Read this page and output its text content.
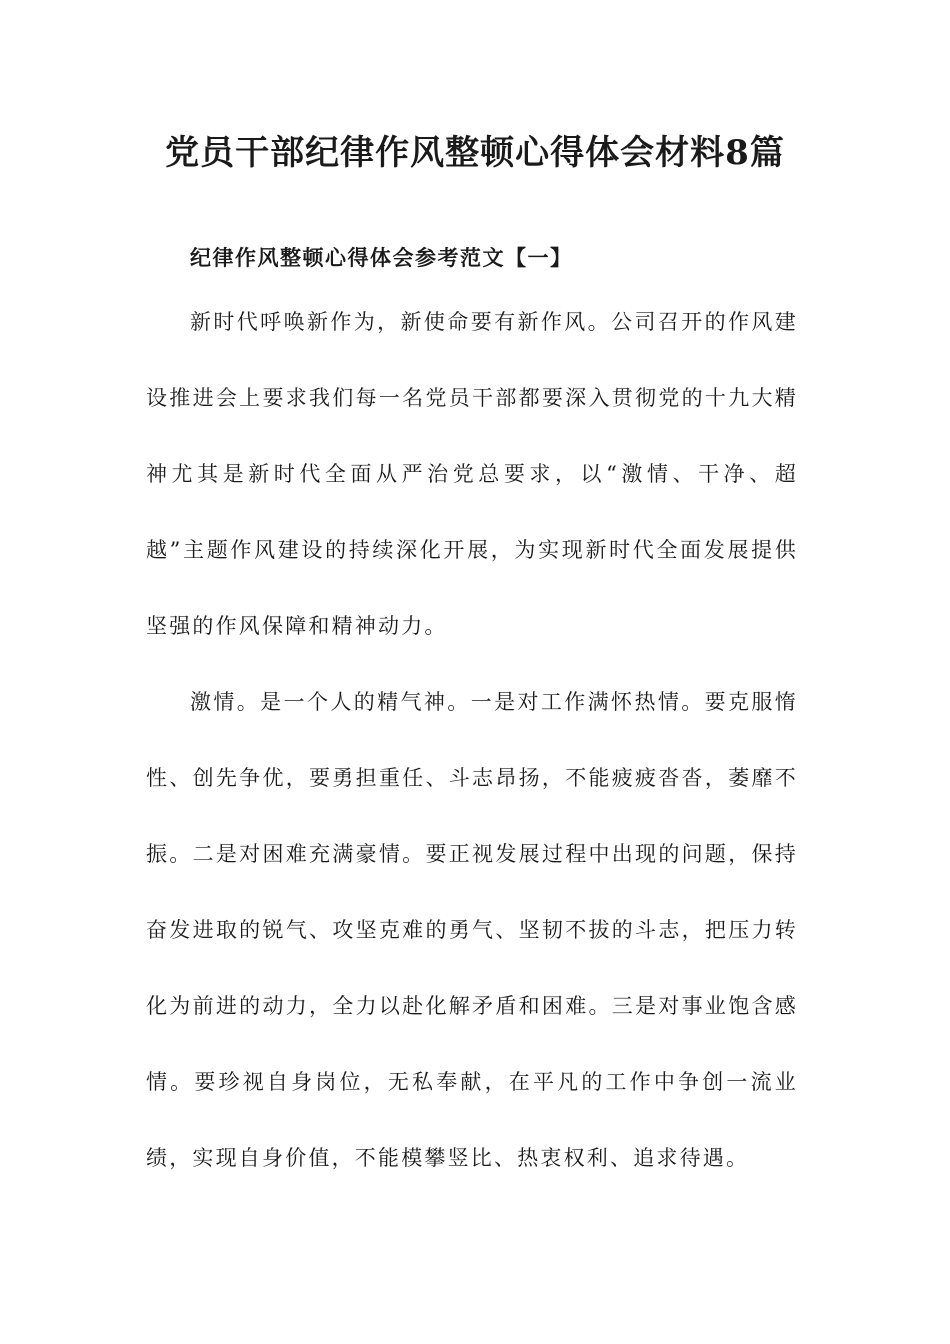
党员干部纪律作风整顿心得体会材料8篇
纪律作风整顿心得体会参考范文【一】

新时代呼唤新作为，新使命要有新作风。公司召开的作风建设推进会上要求我们每一名党员干部都要深入贯彻党的十九大精神尤其是新时代全面从严治党总要求，以“激情、干净、超越”主题作风建设的持续深化开展，为实现新时代全面发展提供坚强的作风保障和精神动力。

激情。是一个人的精气神。一是对工作满怀热情。要克服惰性、创先争优，要勇担重任、斗志昂扬，不能疲疲沓沓，萎靡不振。二是对困难充满豪情。要正视发展过程中出现的问题，保持奋发进取的锐气、攻坚克难的勇气、坚韧不拔的斗志，把压力转化为前进的动力，全力以赴化解矛盾和困难。三是对事业饱含感情。要珍视自身岗位，无私奉献，在平凡的工作中争创一流业绩，实现自身价值，不能模攀竖比、热衷权利、追求待遇。
